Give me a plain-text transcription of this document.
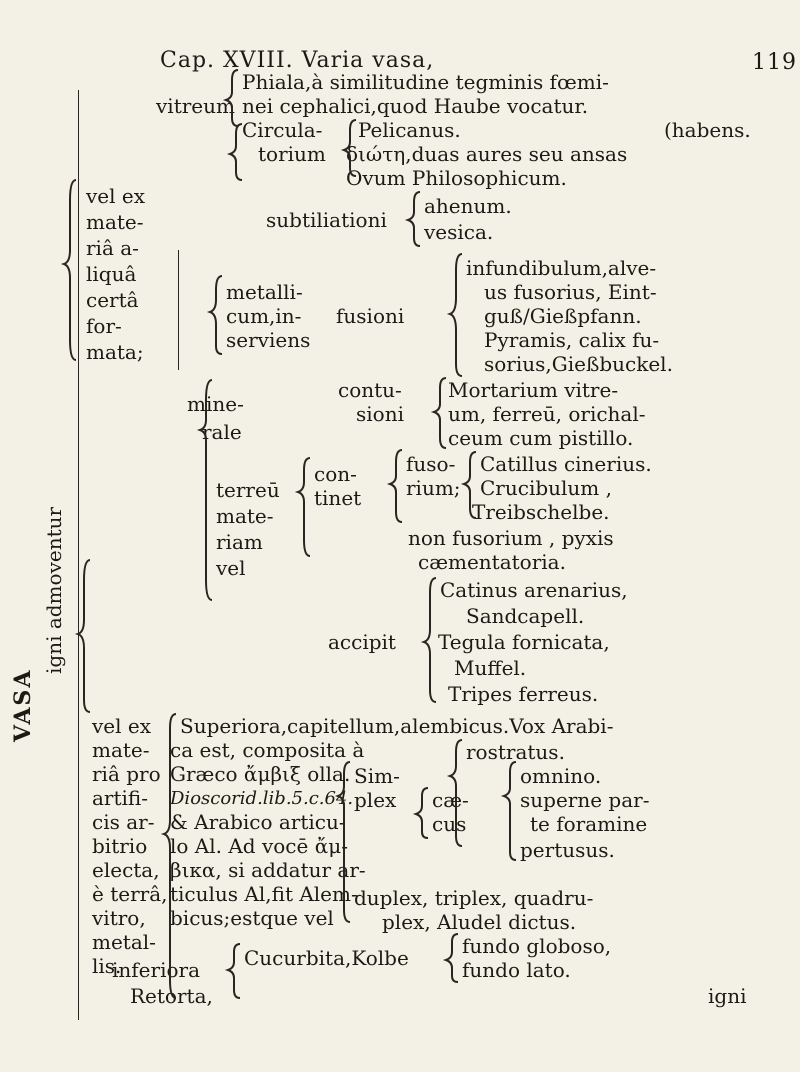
Cap. XVIII. Varia vasa,	119
VASA
igni admoventur
vel ex
mate-
riâ a-
liquâ
certâ
for-
mata;
mine-
rale
vitreum
Phiala,à similitudine tegminis fœmi-
nei cephalici,quod Haube vocatur.
Circula-
torium
Pelicanus.	(habens.
διώτη,duas aures seu ansas
Ovum Philosophicum.
subtiliationi
ahenum.
vesica.
metalli-
cum,in-
serviens
fusioni
infundibulum,alve-
us fusorius, Eint-
guß/Gießpfann.
Pyramis, calix fu-
sorius,Gießbuckel.
contu-
sioni
Mortarium vitre-
um, ferreū, orichal-
ceum cum pistillo.
terreū
mate-
riam
vel
con-
tinet
fuso-
rium;
Catillus cinerius.
Crucibulum ,
Treibschelbe.
non fusorium , pyxis
cæmentatoria.
accipit
Catinus arenarius,
Sandcapell.
Tegula fornicata,
Muffel.
Tripes ferreus.
vel ex
mate-
riâ pro
artifi-
cis ar-
bitrio
electa,
è terrâ,
vitro,
metal-
lis.
Superiora,capitellum,alembicus.Vox Arabi-
ca est, composita à
Græco ἄμβιξ olla.
Dioscorid.lib.5.c.64.
& Arabico articu-
lo Al. Ad vocē ἄμ-
βικα, si addatur ar-
ticulus Al,fit Alem-
bicus;estque vel
rostratus.
Sim-
plex cæ-
cus
omnino.
superne par-
te foramine
pertusus.
duplex, triplex, quadru-
plex, Aludel dictus.
inferiora Cucurbita,Kolbe	fundo globoso,
fundo lato.
Retorta,	igni
